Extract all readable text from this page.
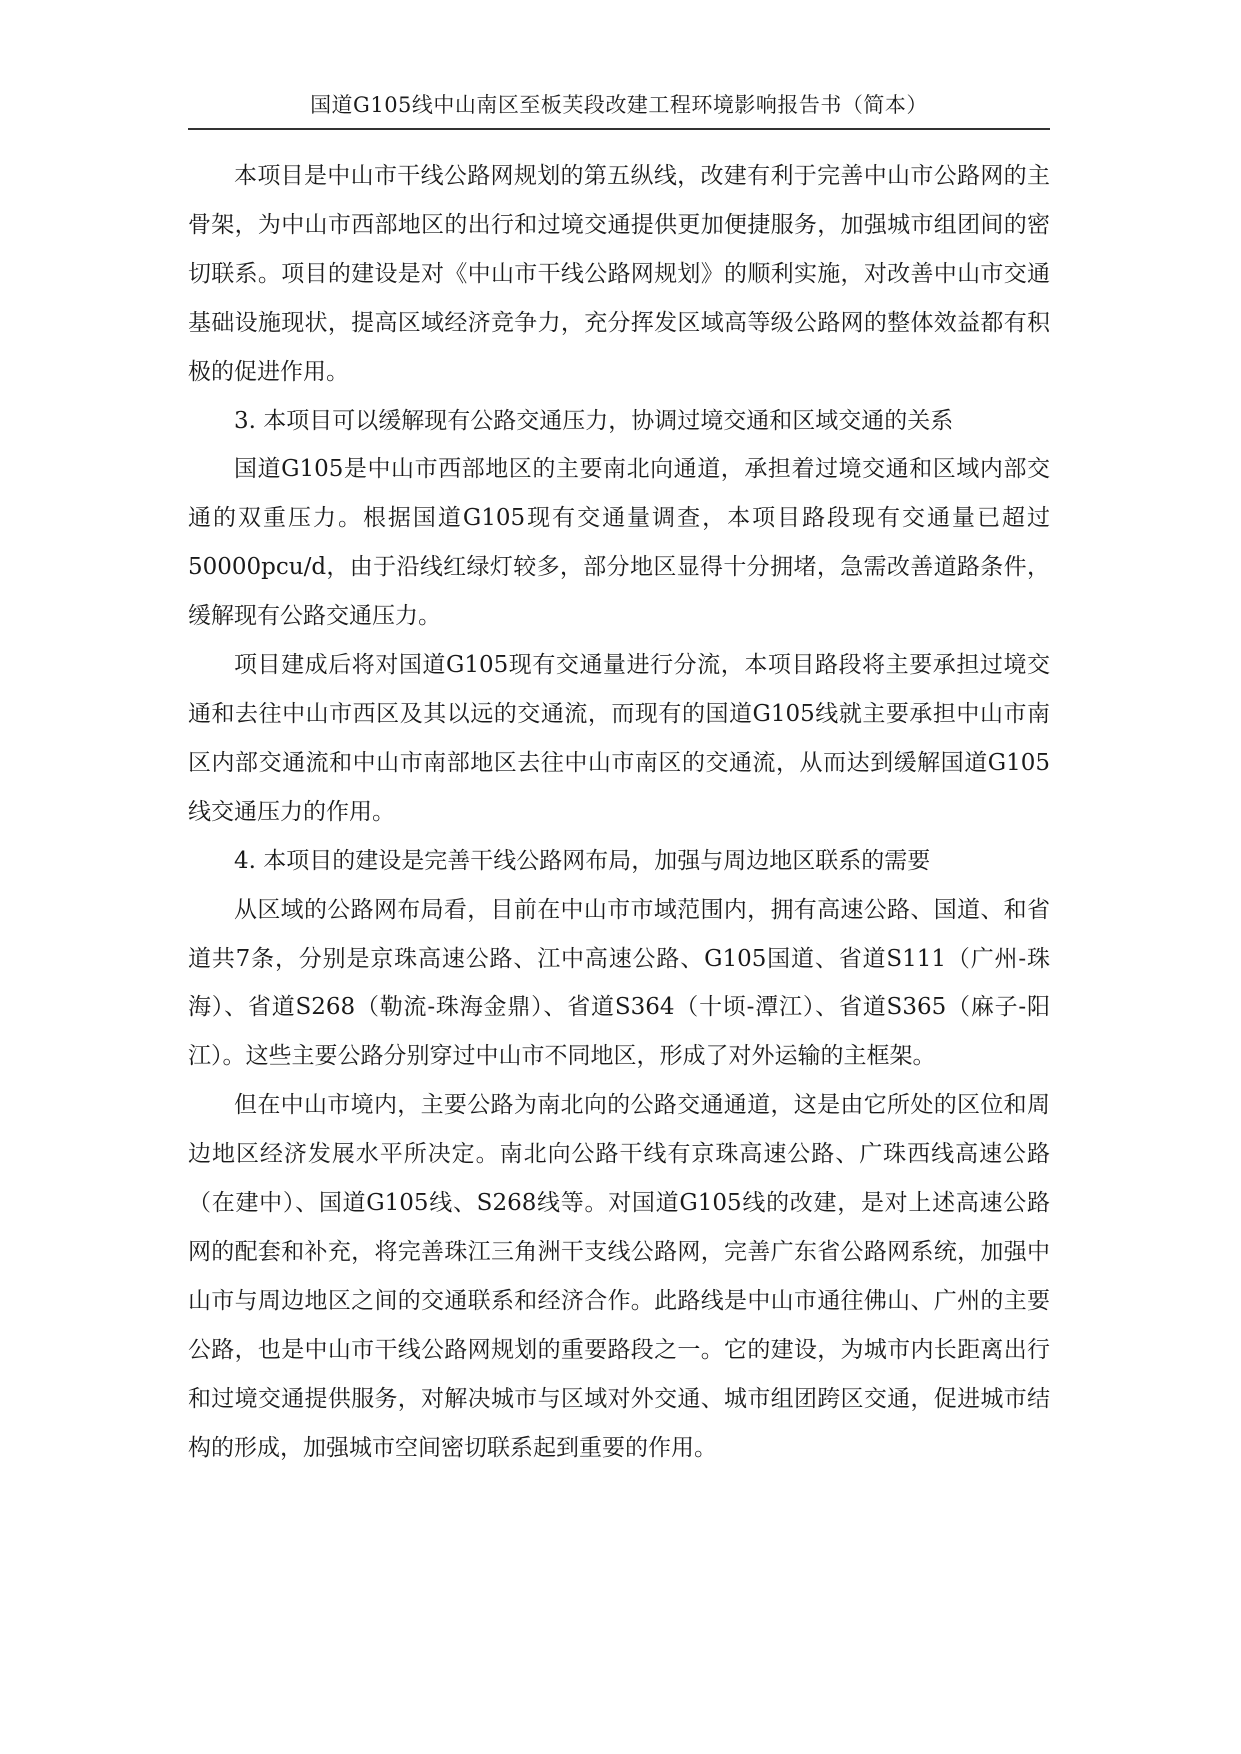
国道G105线中山南区至板芙段改建工程环境影响报告书（简本）

本项目是中山市干线公路网规划的第五纵线，改建有利于完善中山市公路网的主骨架，为中山市西部地区的出行和过境交通提供更加便捷服务，加强城市组团间的密切联系。项目的建设是对《中山市干线公路网规划》的顺利实施，对改善中山市交通基础设施现状，提高区域经济竞争力，充分挥发区域高等级公路网的整体效益都有积极的促进作用。

3. 本项目可以缓解现有公路交通压力，协调过境交通和区域交通的关系

国道G105是中山市西部地区的主要南北向通道，承担着过境交通和区域内部交通的双重压力。根据国道G105现有交通量调查，本项目路段现有交通量已超过50000pcu/d，由于沿线红绿灯较多，部分地区显得十分拥堵，急需改善道路条件，缓解现有公路交通压力。

项目建成后将对国道G105现有交通量进行分流，本项目路段将主要承担过境交通和去往中山市西区及其以远的交通流，而现有的国道G105线就主要承担中山市南区内部交通流和中山市南部地区去往中山市南区的交通流，从而达到缓解国道G105线交通压力的作用。

4. 本项目的建设是完善干线公路网布局，加强与周边地区联系的需要

从区域的公路网布局看，目前在中山市市域范围内，拥有高速公路、国道、和省道共7条，分别是京珠高速公路、江中高速公路、G105国道、省道S111（广州-珠海）、省道S268（勒流-珠海金鼎）、省道S364（十顷-潭江）、省道S365（麻子-阳江）。这些主要公路分别穿过中山市不同地区，形成了对外运输的主框架。

但在中山市境内，主要公路为南北向的公路交通通道，这是由它所处的区位和周边地区经济发展水平所决定。南北向公路干线有京珠高速公路、广珠西线高速公路（在建中）、国道G105线、S268线等。对国道G105线的改建，是对上述高速公路网的配套和补充，将完善珠江三角洲干支线公路网，完善广东省公路网系统，加强中山市与周边地区之间的交通联系和经济合作。此路线是中山市通往佛山、广州的主要公路，也是中山市干线公路网规划的重要路段之一。它的建设，为城市内长距离出行和过境交通提供服务，对解决城市与区域对外交通、城市组团跨区交通，促进城市结构的形成，加强城市空间密切联系起到重要的作用。
